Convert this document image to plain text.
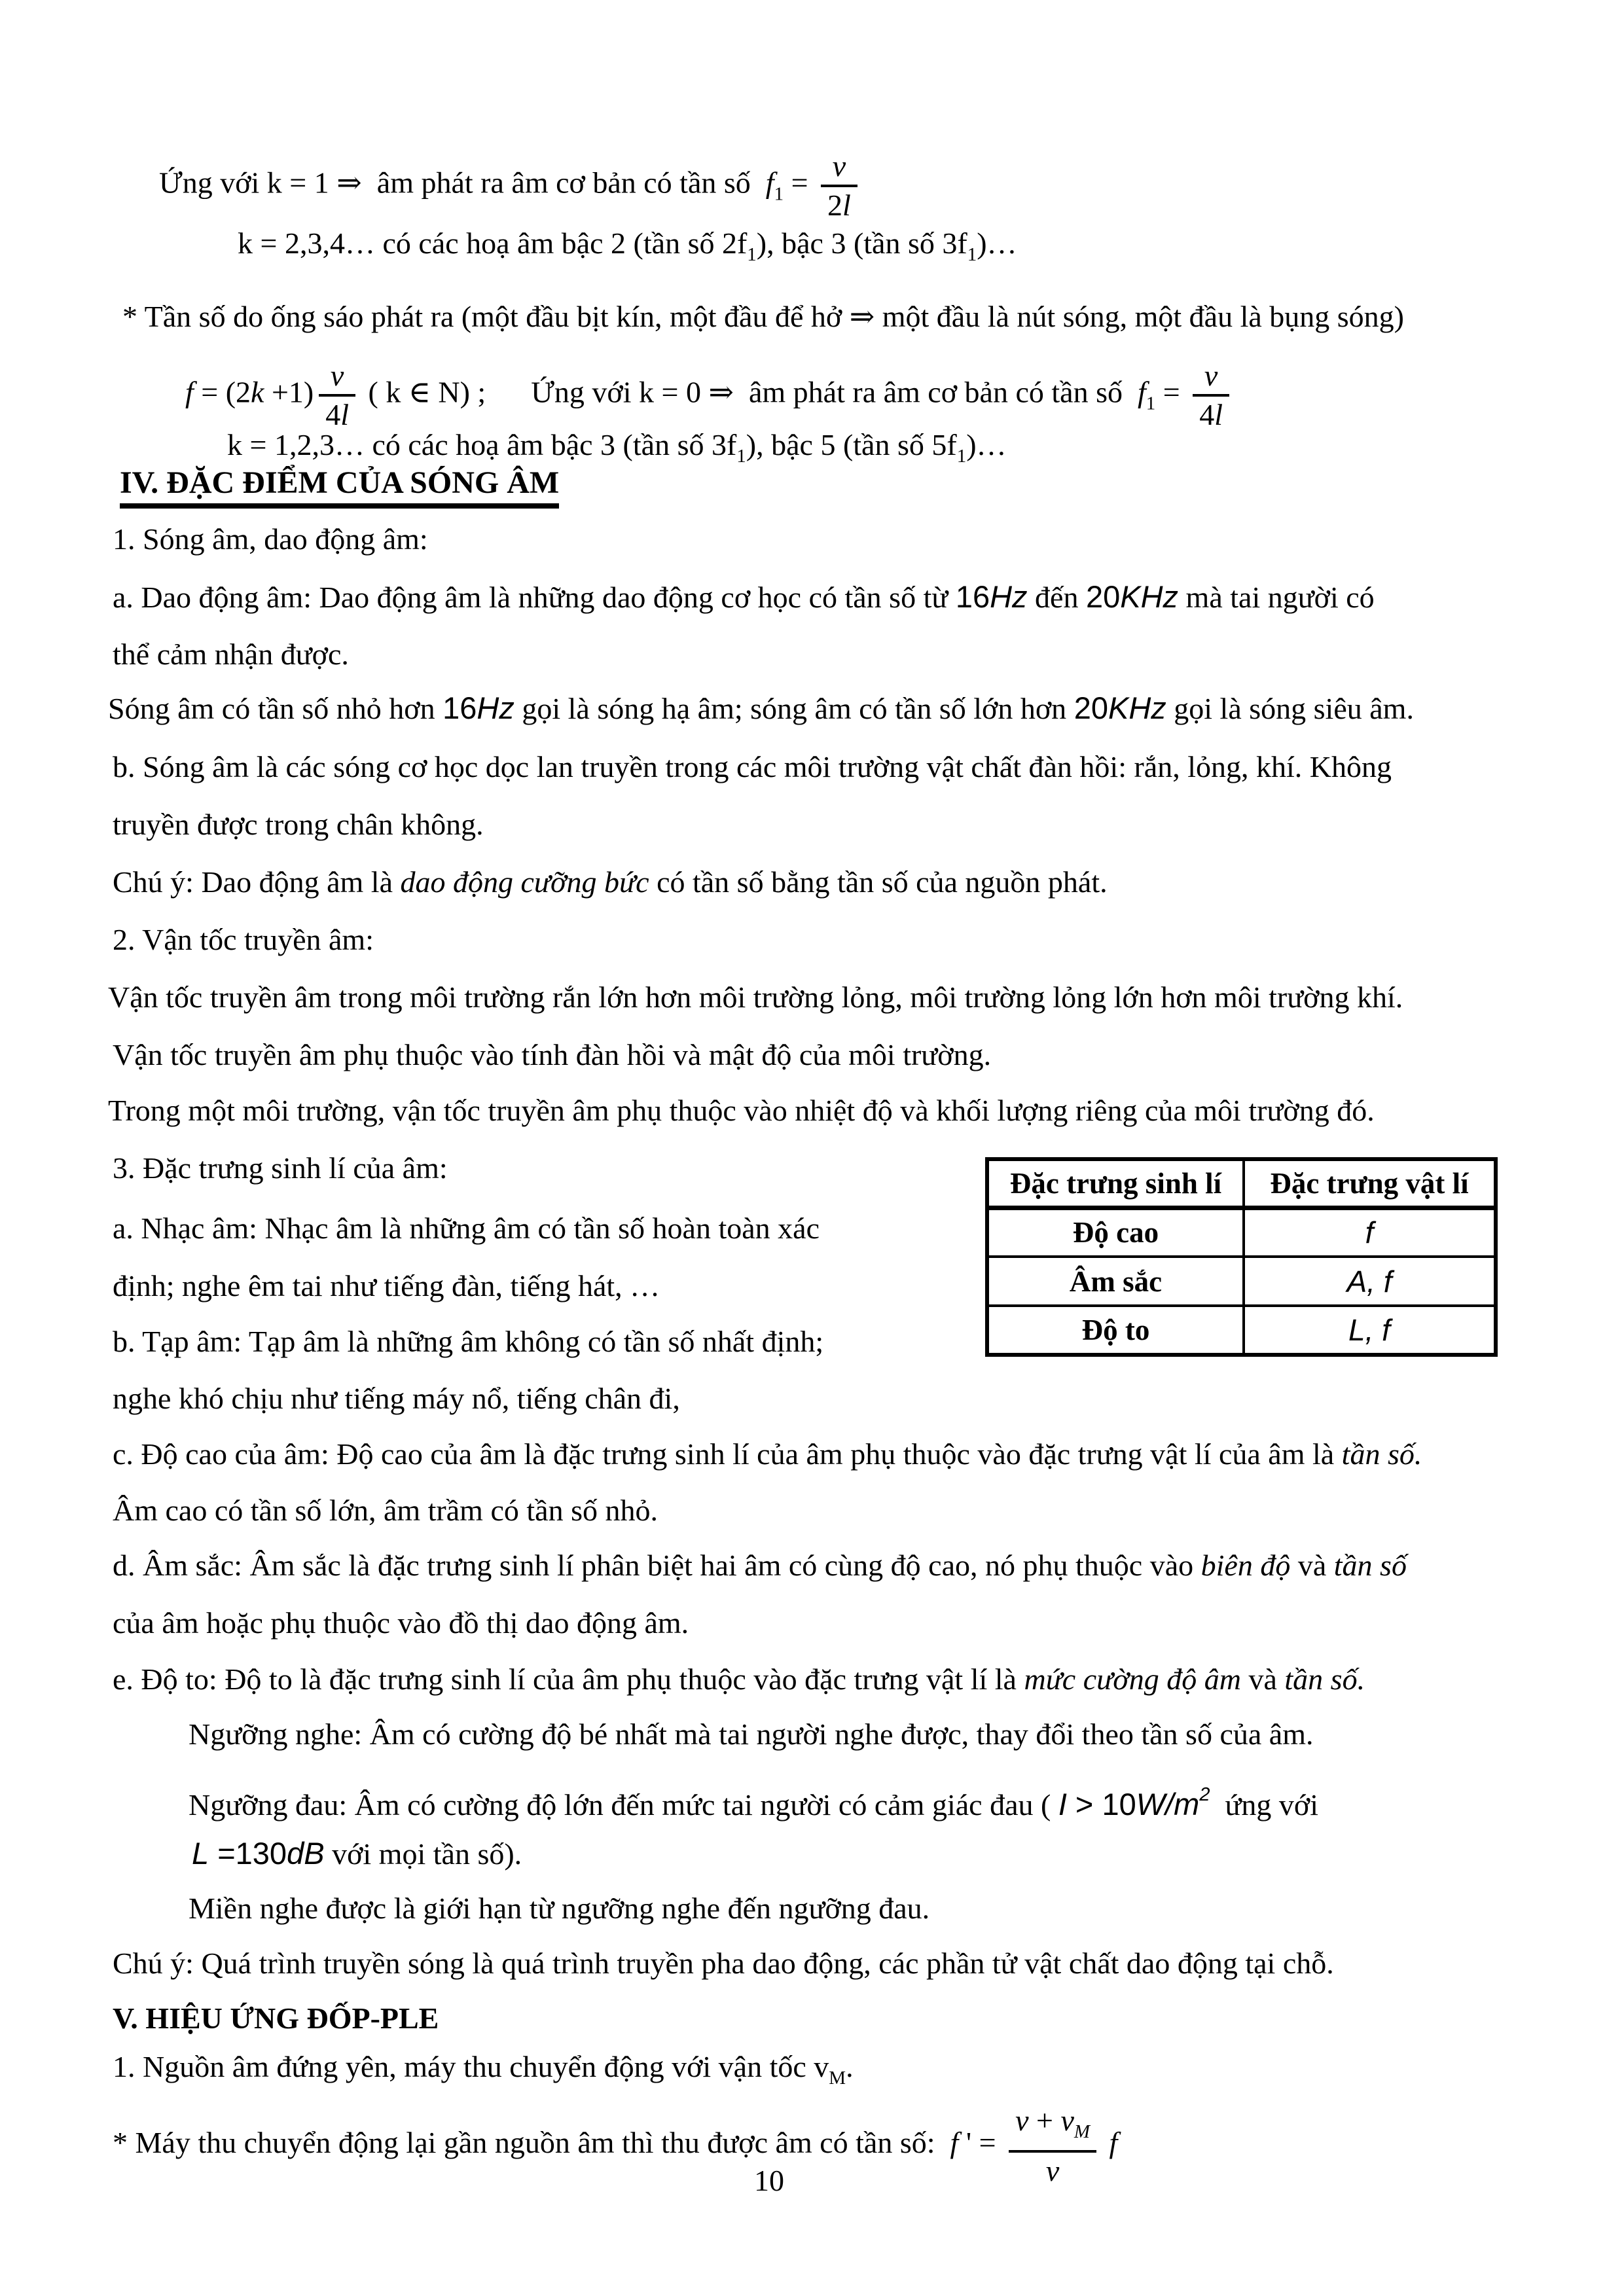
Đặc trưng sinh lí	Đặc trưng vật lí
Độ cao	f
Âm sắc	A, f
Độ to	L, f
10
Ứng với k = 1 ⇒  âm phát ra âm cơ bản có tần số  $f_1 = \frac{v}{2l}$
k = 2,3,4… có các hoạ âm bậc 2 (tần số $2f_1$), bậc 3 (tần số $3f_1)\dots$
* Tần số do ống sáo phát ra (một đầu bịt kín, một đầu để hở ⇒ một đầu là nút sóng, một đầu là bụng sóng)
$f = (2k +1) \frac{v}{4l}$ ( k ∈ N) ;      Ứng với k = 0 ⇒  âm phát ra âm cơ bản có tần số  $f_1 = \frac{v}{4l}$
k = 1,2,3… có các hoạ âm bậc 3 (tần số $3f_1$), bậc 5 (tần số $5f_1)\dots$
IV. ĐẶC ĐIỂM CỦA SÓNG ÂM
1. Sóng âm, dao động âm:
a. Dao động âm: Dao động âm là những dao động cơ học có tần số từ 16Hz đến 20KHz mà tai người có
thể cảm nhận được.
Sóng âm có tần số nhỏ hơn 16Hz gọi là sóng hạ âm; sóng âm có tần số lớn hơn 20KHz gọi là sóng siêu âm.
b. Sóng âm là các sóng cơ học dọc lan truyền trong các môi trường vật chất đàn hồi: rắn, lỏng, khí. Không
truyền được trong chân không.
Chú ý: Dao động âm là dao động cưỡng bức có tần số bằng tần số của nguồn phát.
2. Vận tốc truyền âm:
Vận tốc truyền âm trong môi trường rắn lớn hơn môi trường lỏng, môi trường lỏng lớn hơn môi trường khí.
Vận tốc truyền âm phụ thuộc vào tính đàn hồi và mật độ của môi trường.
Trong một môi trường, vận tốc truyền âm phụ thuộc vào nhiệt độ và khối lượng riêng của môi trường đó.
3. Đặc trưng sinh lí của âm:
a. Nhạc âm: Nhạc âm là những âm có tần số hoàn toàn xác
định; nghe êm tai như tiếng đàn, tiếng hát, …
b. Tạp âm: Tạp âm là những âm không có tần số nhất định;
nghe khó chịu như tiếng máy nổ, tiếng chân đi,
c. Độ cao của âm: Độ cao của âm là đặc trưng sinh lí của âm phụ thuộc vào đặc trưng vật lí của âm là tần số.
Âm cao có tần số lớn, âm trầm có tần số nhỏ.
d. Âm sắc: Âm sắc là đặc trưng sinh lí phân biệt hai âm có cùng độ cao, nó phụ thuộc vào biên độ và tần số
của âm hoặc phụ thuộc vào đồ thị dao động âm.
e. Độ to: Độ to là đặc trưng sinh lí của âm phụ thuộc vào đặc trưng vật lí là mức cường độ âm và tần số.
Ngưỡng nghe: Âm có cường độ bé nhất mà tai người nghe được, thay đổi theo tần số của âm.
Ngưỡng đau: Âm có cường độ lớn đến mức tai người có cảm giác đau ( $I > 10W/m^2$  ứng với
L =130dB với mọi tần số).
Miền nghe được là giới hạn từ ngưỡng nghe đến ngưỡng đau.
Chú ý: Quá trình truyền sóng là quá trình truyền pha dao động, các phần tử vật chất dao động tại chỗ.
V. HIỆU ỨNG ĐỐP-PLE
1. Nguồn âm đứng yên, máy thu chuyển động với vận tốc $v_M$.
* Máy thu chuyển động lại gần nguồn âm thì thu được âm có tần số:  f ' = $\frac{v + v_M}{v}$ f
